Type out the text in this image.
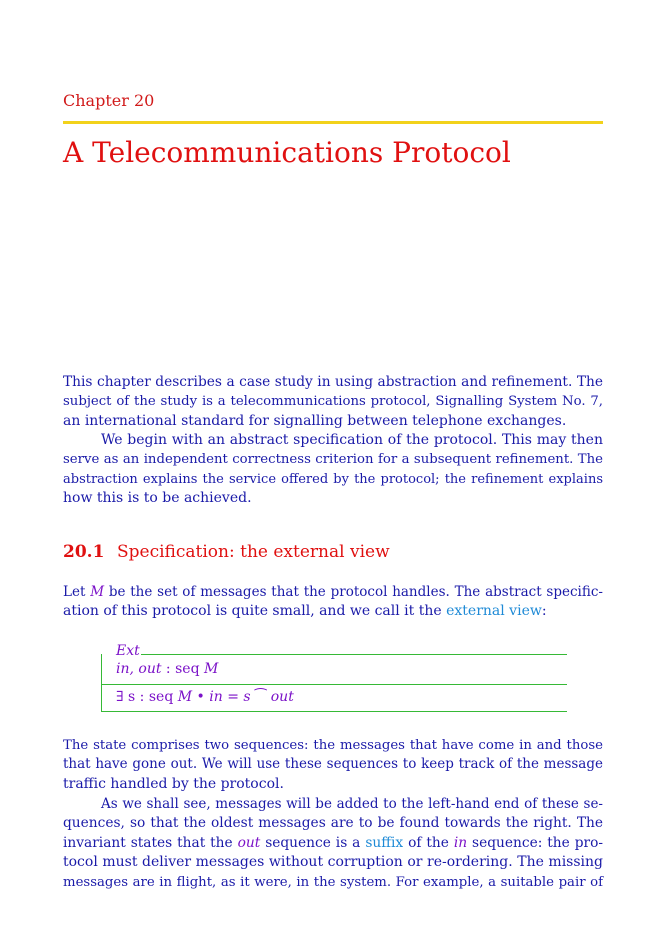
Chapter 20
A Telecommunications Protocol
This chapter describes a case study in using abstraction and refinement. The
subject of the study is a telecommunications protocol, Signalling System No. 7,
an international standard for signalling between telephone exchanges.
We begin with an abstract specification of the protocol. This may then
serve as an independent correctness criterion for a subsequent refinement. The
abstraction explains the service offered by the protocol; the refinement explains
how this is to be achieved.
20.1 Specification: the external view
Let M be the set of messages that the protocol handles. The abstract specific-
ation of this protocol is quite small, and we call it the external view:
Ext
in, out : seq M
∃ s : seq M • in = s ⁀ out
The state comprises two sequences: the messages that have come in and those
that have gone out. We will use these sequences to keep track of the message
traffic handled by the protocol.
As we shall see, messages will be added to the left-hand end of these se-
quences, so that the oldest messages are to be found towards the right. The
invariant states that the out sequence is a suffix of the in sequence: the pro-
tocol must deliver messages without corruption or re-ordering. The missing
messages are in flight, as it were, in the system. For example, a suitable pair of
